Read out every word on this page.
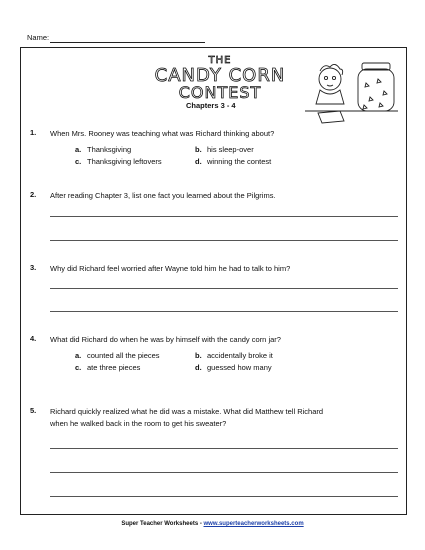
Name:
THE
CANDY CORN
CONTEST
Chapters 3 - 4
1. When Mrs. Rooney was teaching what was Richard thinking about?
a. Thanksgiving	b. his sleep-over
c. Thanksgiving leftovers	d. winning the contest
2. After reading Chapter 3, list one fact you learned about the Pilgrims.
3. Why did Richard feel worried after Wayne told him he had to talk to him?
4. What did Richard do when he was by himself with the candy corn jar?
a. counted all the pieces	b. accidentally broke it
c. ate three pieces	d. guessed how many
5. Richard quickly realized what he did was a mistake. What did Matthew tell Richard
when he walked back in the room to get his sweater?
Super Teacher Worksheets - www.superteacherworksheets.com
